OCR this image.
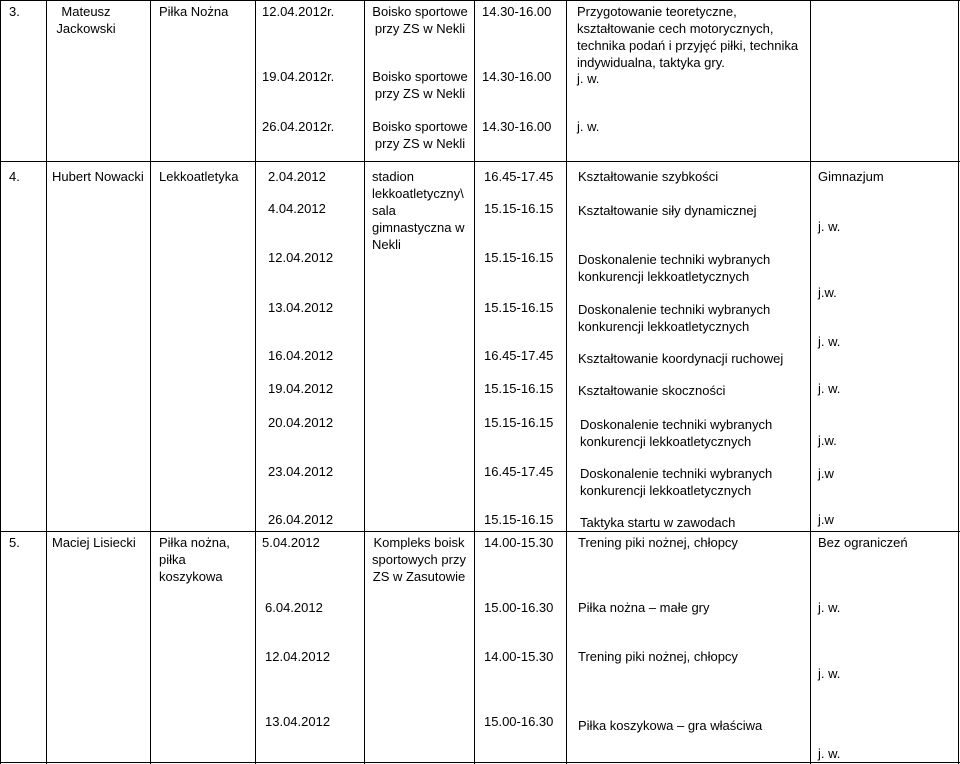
3.	Mateusz Jackowski
Piłka Nożna	12.04.2012r.
19.04.2012r.
26.04.2012r.
Boisko sportowe przy ZS w Nekli
Boisko sportowe przy ZS w Nekli
Boisko sportowe przy ZS w Nekli
14.30-16.00
14.30-16.00
14.30-16.00
Przygotowanie teoretyczne, kształtowanie cech motorycznych, technika podań i przyjęć piłki, technika indywidualna, taktyka gry.
j. w.
j. w.
4. Hubert Nowacki Lekkoatletyka 2.04.2012
4.04.2012
12.04.2012
13.04.2012
16.04.2012
19.04.2012
20.04.2012
23.04.2012
26.04.2012
stadion lekkoatletyczny\ sala gimnastyczna w Nekli
16.45-17.45
15.15-16.15
15.15-16.15
15.15-16.15
16.45-17.45
15.15-16.15
15.15-16.15
16.45-17.45
15.15-16.15
Kształtowanie szybkości
Kształtowanie siły dynamicznej
Doskonalenie techniki wybranych konkurencji lekkoatletycznych
Doskonalenie techniki wybranych konkurencji lekkoatletycznych
Kształtowanie koordynacji ruchowej
Kształtowanie skoczności
Doskonalenie techniki wybranych konkurencji lekkoatletycznych
Doskonalenie techniki wybranych konkurencji lekkoatletycznych
Taktyka startu w zawodach
Gimnazjum
j. w.
j.w.
j. w.
j. w.
j.w.
j.w
j.w
5. Maciej Lisiecki Piłka nożna, piłka koszykowa
5.04.2012
6.04.2012
12.04.2012
13.04.2012
Kompleks boisk sportowych przy ZS w Zasutowie
14.00-15.30
15.00-16.30
14.00-15.30
15.00-16.30
Trening piki nożnej, chłopcy
Piłka nożna – małe gry
Trening piki nożnej, chłopcy
Piłka koszykowa – gra właściwa
Bez ograniczeń
j. w.
j. w.
j. w.
